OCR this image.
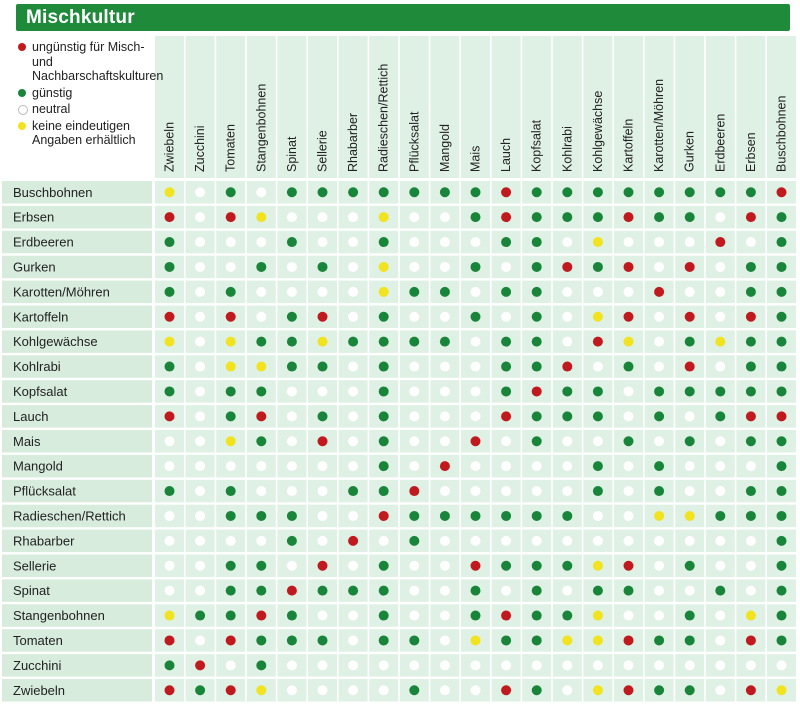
Zwiebeln Zucchini Tomaten Stangenbohnen Spinat Sellerie Rhabarber Radieschen/Rettich Pflücksalat Mangold Mais Lauch Kopfsalat Kohlrabi Kohlgewächse Kartoffeln Karotten/Möhren Gurken Erdbeeren Erbsen Buschbohnen
Buschbohnen
Erbsen
Erdbeeren
Gurken
Karotten/Möhren
Kartoffeln
Kohlgewächse
Kohlrabi
Kopfsalat
Lauch
Mais
Mangold
Pflücksalat
Radieschen/Rettich
Rhabarber
Sellerie
Spinat
Stangenbohnen
Tomaten
Zucchini
Zwiebeln
Mischkultur
ungünstig für Misch- und Nachbarschaftskulturen
günstig
neutral
keine eindeutigen Angaben erhältlich
